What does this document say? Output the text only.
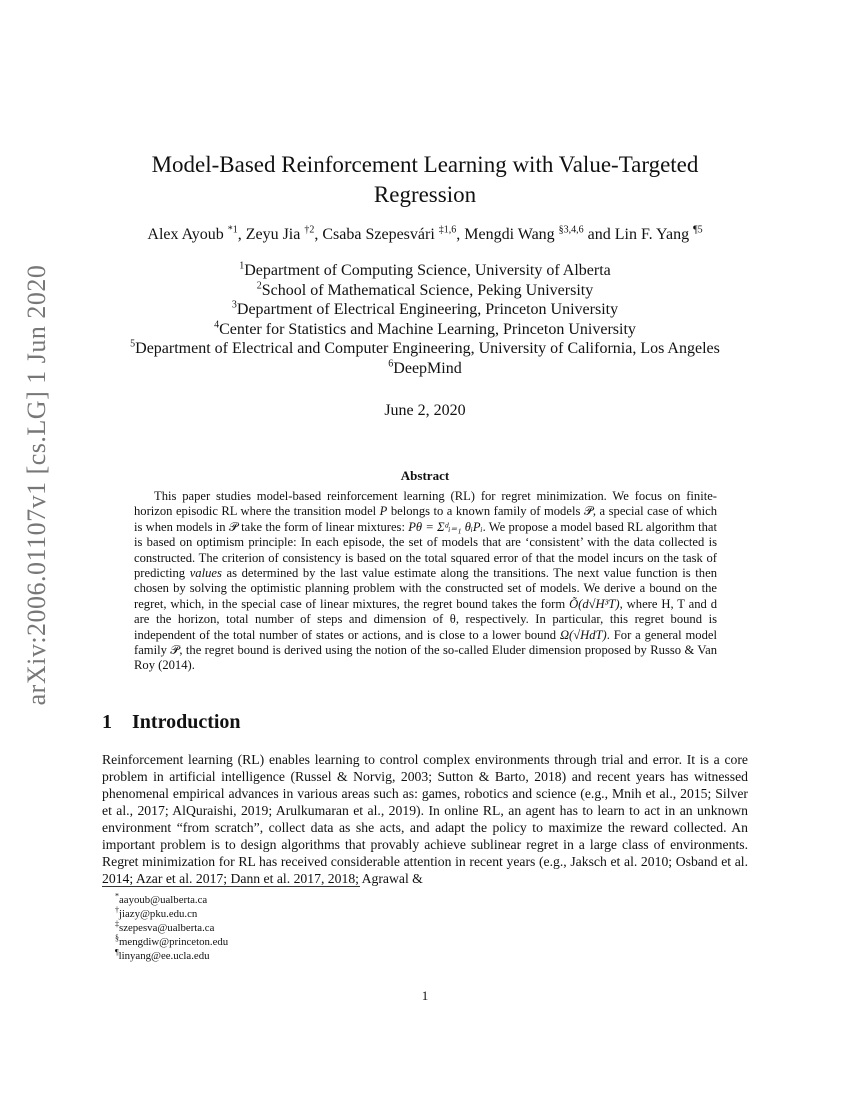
arXiv:2006.01107v1 [cs.LG] 1 Jun 2020
Model-Based Reinforcement Learning with Value-Targeted
Regression
Alex Ayoub $^{*1}$, Zeyu Jia $^{\dagger 2}$, Csaba Szepesvári $^{\ddagger 1,6}$, Mengdi Wang $^{\S 3,4,6}$ and Lin F. Yang $^{\P 5}$
$^1$Department of Computing Science, University of Alberta
$^2$School of Mathematical Science, Peking University
$^3$Department of Electrical Engineering, Princeton University
$^4$Center for Statistics and Machine Learning, Princeton University
$^5$Department of Electrical and Computer Engineering, University of California, Los Angeles
$^6$DeepMind
June 2, 2020
Abstract
This paper studies model-based reinforcement learning (RL) for regret minimization. We focus on finite-horizon episodic RL where the transition model P belongs to a known family of models 𝒫, a special case of which is when models in 𝒫 take the form of linear mixtures: Pθ = Σᵈᵢ₌₁ θᵢPᵢ. We propose a model based RL algorithm that is based on optimism principle: In each episode, the set of models that are ‘consistent’ with the data collected is constructed. The criterion of consistency is based on the total squared error of that the model incurs on the task of predicting values as determined by the last value estimate along the transitions. The next value function is then chosen by solving the optimistic planning problem with the constructed set of models. We derive a bound on the regret, which, in the special case of linear mixtures, the regret bound takes the form Õ(d√H³T), where H, T and d are the horizon, total number of steps and dimension of θ, respectively. In particular, this regret bound is independent of the total number of states or actions, and is close to a lower bound Ω(√HdT). For a general model family 𝒫, the regret bound is derived using the notion of the so-called Eluder dimension proposed by Russo & Van Roy (2014).
1 Introduction
Reinforcement learning (RL) enables learning to control complex environments through trial and error. It is a core problem in artificial intelligence (Russel & Norvig, 2003; Sutton & Barto, 2018) and recent years has witnessed phenomenal empirical advances in various areas such as: games, robotics and science (e.g., Mnih et al., 2015; Silver et al., 2017; AlQuraishi, 2019; Arulkumaran et al., 2019). In online RL, an agent has to learn to act in an unknown environment “from scratch”, collect data as she acts, and adapt the policy to maximize the reward collected. An important problem is to design algorithms that provably achieve sublinear regret in a large class of environments. Regret minimization for RL has received considerable attention in recent years (e.g., Jaksch et al. 2010; Osband et al. 2014; Azar et al. 2017; Dann et al. 2017, 2018; Agrawal &
*aayoub@ualberta.ca
†jiazy@pku.edu.cn
‡szepesva@ualberta.ca
§mengdiw@princeton.edu
¶linyang@ee.ucla.edu
1
